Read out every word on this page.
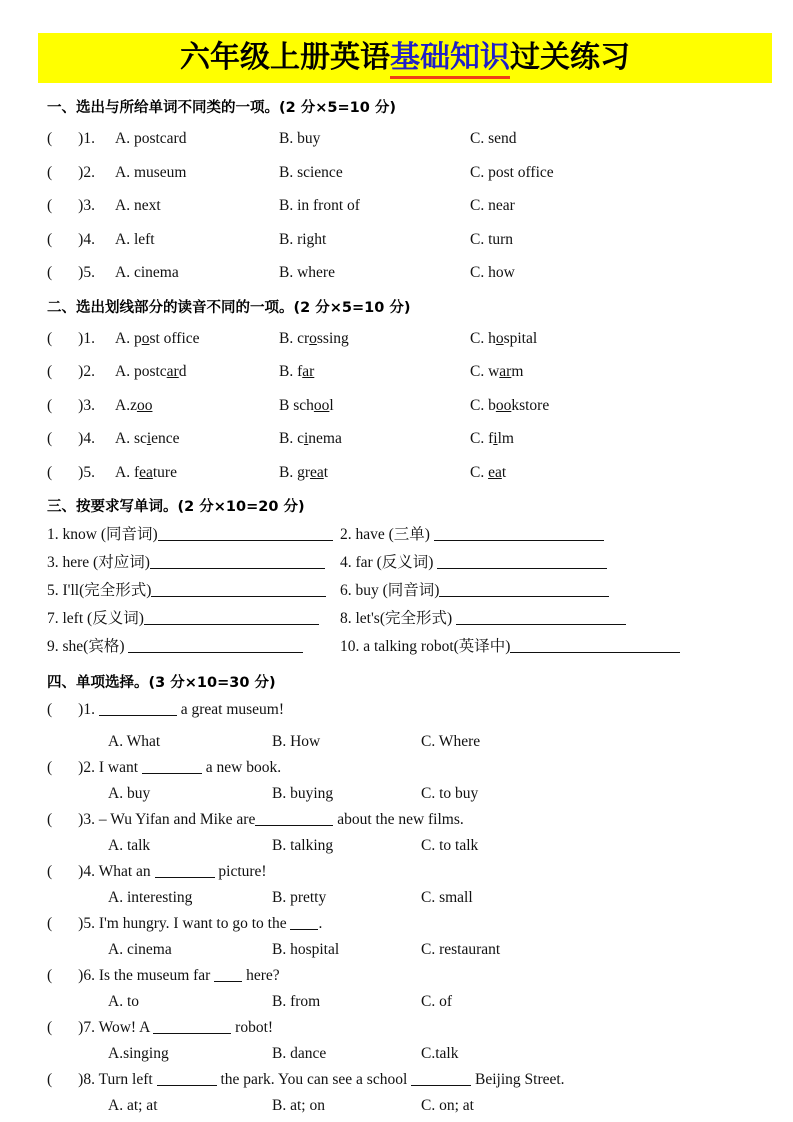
六年级上册英语基础知识过关练习
一、选出与所给单词不同类的一项。(2 分×5=10 分)
( )1. A. postcard	B. buy	C. send
( )2. A. museum	B. science	C. post office
( )3. A. next	B. in front of	C. near
( )4. A. left	B. right	C. turn
( )5. A. cinema	B. where	C. how
二、选出划线部分的读音不同的一项。(2 分×5=10 分)
( )1. A. post office	B. crossing	C. hospital
( )2. A. postcard	B. far	C. warm
( )3. A.zoo	B school	C. bookstore
( )4. A. science	B. cinema	C. film
( )5. A. feature	B. great	C. eat
三、按要求写单词。(2 分×10=20 分)
1. know (同音词)	2. have (三单)
3. here (对应词)	4. far (反义词)
5. I'll(完全形式)	6. buy (同音词)
7. left (反义词)	8. let's(完全形式)
9. she(宾格)	10. a talking robot(英译中)
四、单项选择。(3 分×10=30 分)
( )1.	a great museum!
A. What	B. How	C. Where
( )2. I want	a new book.
A. buy	B. buying	C. to buy
( )3. – Wu Yifan and Mike are	about the new films.
A. talk	B. talking	C. to talk
( )4. What an	picture!
A. interesting	B. pretty	C. small
( )5. I'm hungry. I want to go to the .
A. cinema	B. hospital	C. restaurant
( )6. Is the museum far  here?
A. to	B. from	C. of
( )7. Wow! A	robot!
A.singing	B. dance	C.talk
( )8. Turn left	the park. You can see a school	Beijing Street.
A. at; at	B. at; on	C. on; at
